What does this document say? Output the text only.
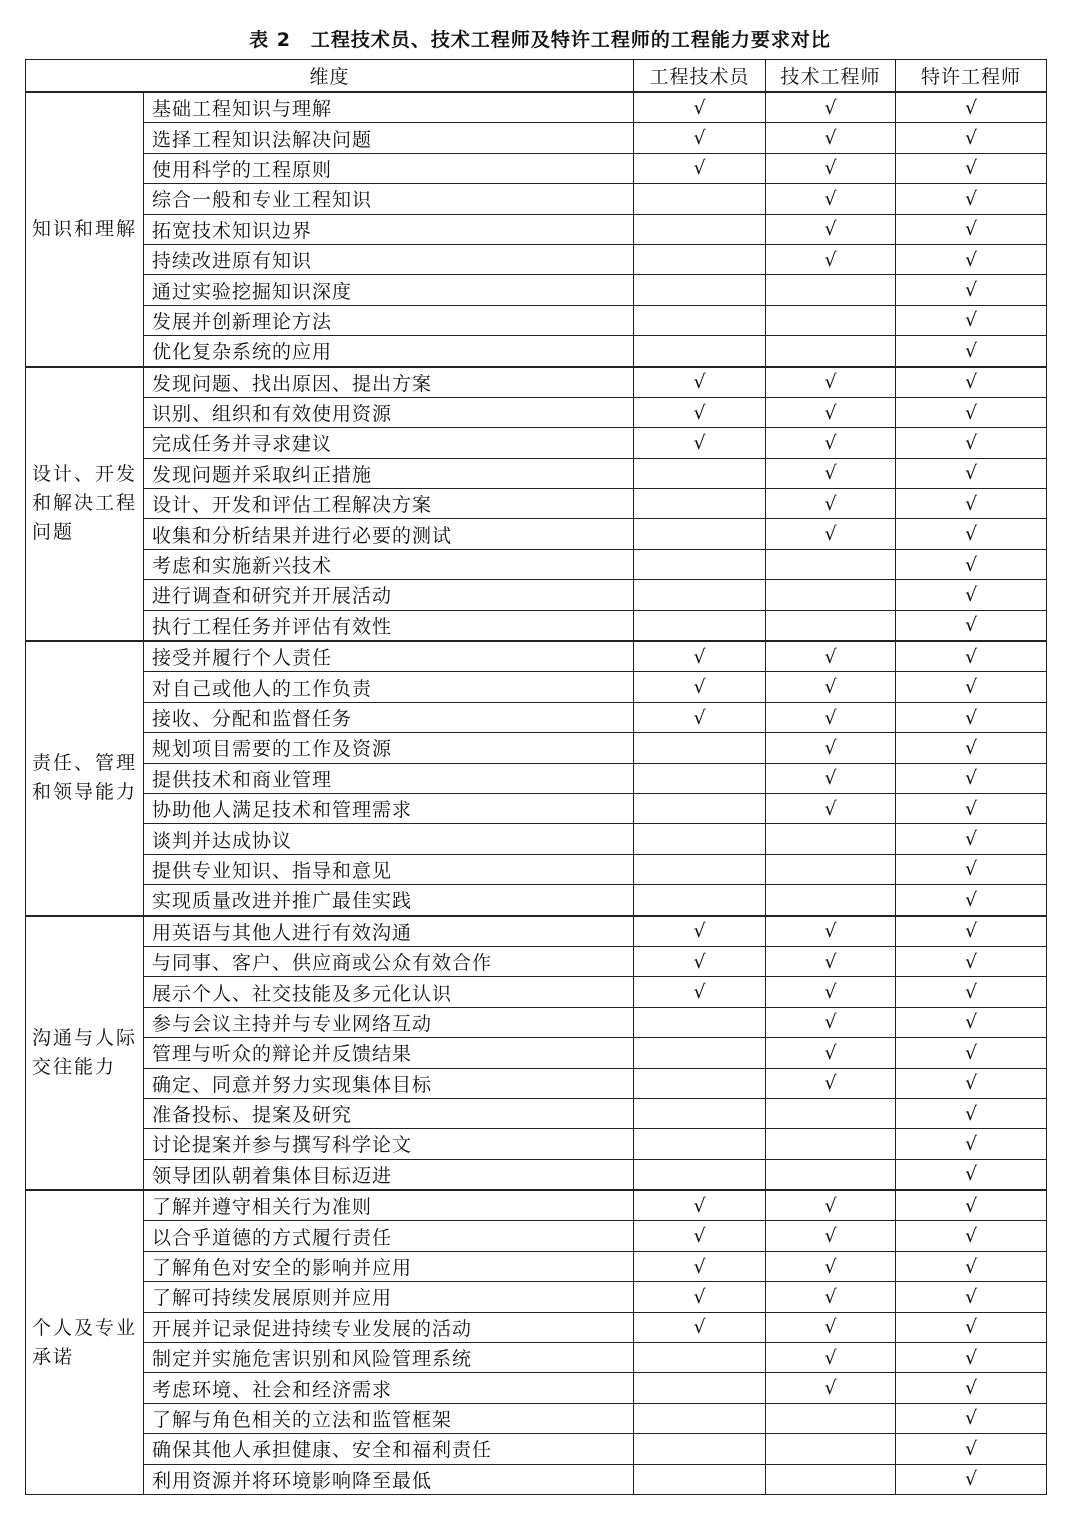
表 2　工程技术员、技术工程师及特许工程师的工程能力要求对比
维度		工程技术员	技术工程师	特许工程师
知识和理解	基础工程知识与理解	√	√	√
	选择工程知识法解决问题	√	√	√
	使用科学的工程原则	√	√	√
	综合一般和专业工程知识		√	√
	拓宽技术知识边界		√	√
	持续改进原有知识		√	√
	通过实验挖掘知识深度			√
	发展并创新理论方法			√
	优化复杂系统的应用			√
设计、开发和解决工程问题	发现问题、找出原因、提出方案	√	√	√
	识别、组织和有效使用资源	√	√	√
	完成任务并寻求建议	√	√	√
	发现问题并采取纠正措施		√	√
	设计、开发和评估工程解决方案		√	√
	收集和分析结果并进行必要的测试		√	√
	考虑和实施新兴技术			√
	进行调查和研究并开展活动			√
	执行工程任务并评估有效性			√
责任、管理和领导能力	接受并履行个人责任	√	√	√
	对自己或他人的工作负责	√	√	√
	接收、分配和监督任务	√	√	√
	规划项目需要的工作及资源		√	√
	提供技术和商业管理		√	√
	协助他人满足技术和管理需求		√	√
	谈判并达成协议			√
	提供专业知识、指导和意见			√
	实现质量改进并推广最佳实践			√
沟通与人际交往能力	用英语与其他人进行有效沟通	√	√	√
	与同事、客户、供应商或公众有效合作	√	√	√
	展示个人、社交技能及多元化认识	√	√	√
	参与会议主持并与专业网络互动		√	√
	管理与听众的辩论并反馈结果		√	√
	确定、同意并努力实现集体目标		√	√
	准备投标、提案及研究			√
	讨论提案并参与撰写科学论文			√
	领导团队朝着集体目标迈进			√
个人及专业承诺	了解并遵守相关行为准则	√	√	√
	以合乎道德的方式履行责任	√	√	√
	了解角色对安全的影响并应用	√	√	√
	了解可持续发展原则并应用	√	√	√
	开展并记录促进持续专业发展的活动	√	√	√
	制定并实施危害识别和风险管理系统		√	√
	考虑环境、社会和经济需求		√	√
	了解与角色相关的立法和监管框架			√
	确保其他人承担健康、安全和福利责任			√
	利用资源并将环境影响降至最低			√
